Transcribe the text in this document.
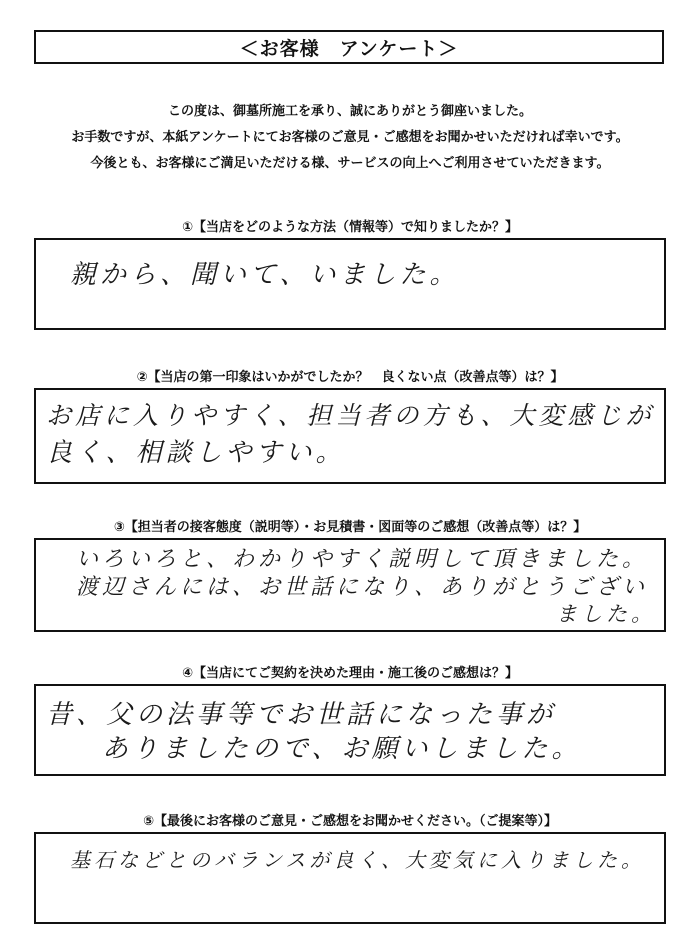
＜お客様　アンケート＞
この度は、御墓所施工を承り、誠にありがとう御座いました。
お手数ですが、本紙アンケートにてお客様のご意見・ご感想をお聞かせいただければ幸いです。
今後とも、お客様にご満足いただける様、サービスの向上へご利用させていただきます。
①【当店をどのような方法（情報等）で知りましたか？】
親から、聞いて、いました。
②【当店の第一印象はいかがでしたか？　良くない点（改善点等）は？】
お店に入りやすく、担当者の方も、大変感じが
良く、相談しやすい。
③【担当者の接客態度（説明等）・お見積書・図面等のご感想（改善点等）は？】
いろいろと、わかりやすく説明して頂きました。
渡辺さんには、お世話になり、ありがとうござい
ました。
④【当店にてご契約を決めた理由・施工後のご感想は？】
昔、父の法事等でお世話になった事が
ありましたので、お願いしました。
⑤【最後にお客様のご意見・ご感想をお聞かせください。（ご提案等）】
基石などとのバランスが良く、大変気に入りました。
